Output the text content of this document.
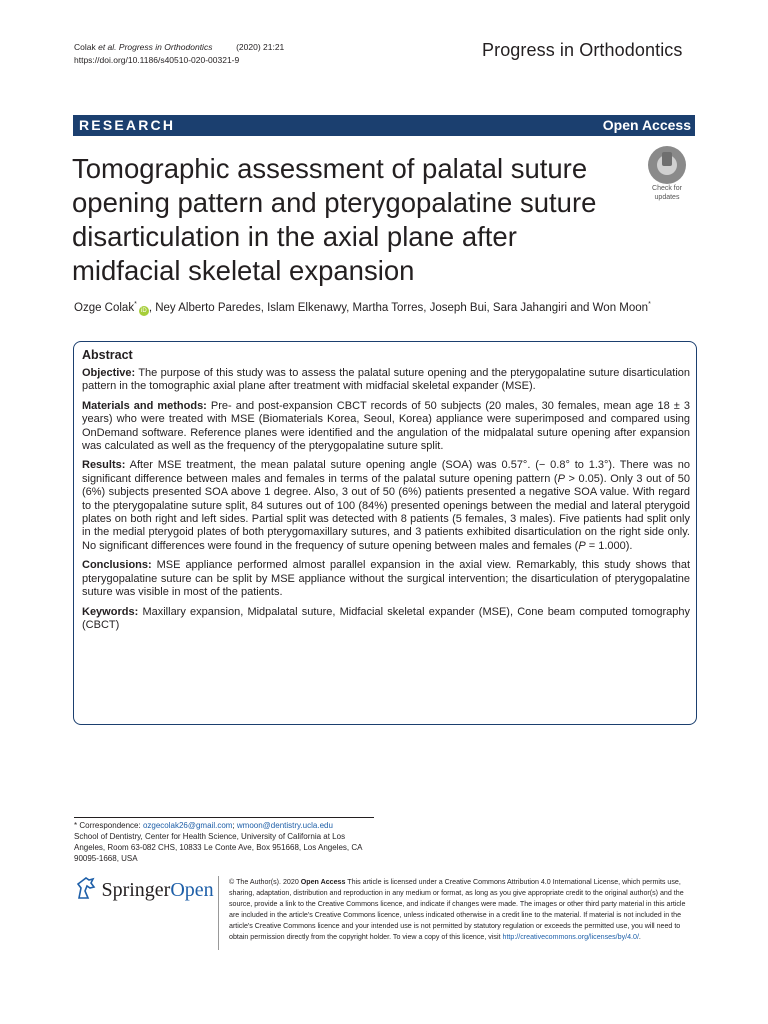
Colak et al. Progress in Orthodontics	(2020) 21:21
https://doi.org/10.1186/s40510-020-00321-9	Progress in Orthodontics
RESEARCH	Open Access
Tomographic assessment of palatal suture opening pattern and pterygopalatine suture disarticulation in the axial plane after midfacial skeletal expansion
Check for
updates
Ozge Colak*iD , Ney Alberto Paredes, Islam Elkenawy, Martha Torres, Joseph Bui, Sara Jahangiri and Won Moon*
Abstract

Objective: The purpose of this study was to assess the palatal suture opening and the pterygopalatine suture disarticulation pattern in the tomographic axial plane after treatment with midfacial skeletal expander (MSE).

Materials and methods: Pre- and post-expansion CBCT records of 50 subjects (20 males, 30 females, mean age 18 ± 3 years) who were treated with MSE (Biomaterials Korea, Seoul, Korea) appliance were superimposed and compared using OnDemand software. Reference planes were identified and the angulation of the midpalatal suture opening after expansion was calculated as well as the frequency of the pterygopalatine suture split.

Results: After MSE treatment, the mean palatal suture opening angle (SOA) was 0.57°. (− 0.8° to 1.3°). There was no significant difference between males and females in terms of the palatal suture opening pattern (P > 0.05). Only 3 out of 50 (6%) subjects presented SOA above 1 degree. Also, 3 out of 50 (6%) patients presented a negative SOA value. With regard to the pterygopalatine suture split, 84 sutures out of 100 (84%) presented openings between the medial and lateral pterygoid plates on both right and left sides. Partial split was detected with 8 patients (5 females, 3 males). Five patients had split only in the medial pterygoid plates of both pterygomaxillary sutures, and 3 patients exhibited disarticulation on the right side only. No significant differences were found in the frequency of suture opening between males and females (P = 1.000).

Conclusions: MSE appliance performed almost parallel expansion in the axial view. Remarkably, this study shows that pterygopalatine suture can be split by MSE appliance without the surgical intervention; the disarticulation of pterygopalatine suture was visible in most of the patients.

Keywords: Maxillary expansion, Midpalatal suture, Midfacial skeletal expander (MSE), Cone beam computed tomography (CBCT)

* Correspondence: ozgecolak26@gmail.com; wmoon@dentistry.ucla.edu
School of Dentistry, Center for Health Science, University of California at Los Angeles, Room 63-082 CHS, 10833 Le Conte Ave, Box 951668, Los Angeles, CA 90095-1668, USA
SpringerOpen © The Author(s). 2020 Open Access This article is licensed under a Creative Commons Attribution 4.0 International License, which permits use, sharing, adaptation, distribution and reproduction in any medium or format, as long as you give appropriate credit to the original author(s) and the source, provide a link to the Creative Commons licence, and indicate if changes were made. The images or other third party material in this article are included in the article's Creative Commons licence, unless indicated otherwise in a credit line to the material. If material is not included in the article's Creative Commons licence and your intended use is not permitted by statutory regulation or exceeds the permitted use, you will need to obtain permission directly from the copyright holder. To view a copy of this licence, visit http://creativecommons.org/licenses/by/4.0/.
